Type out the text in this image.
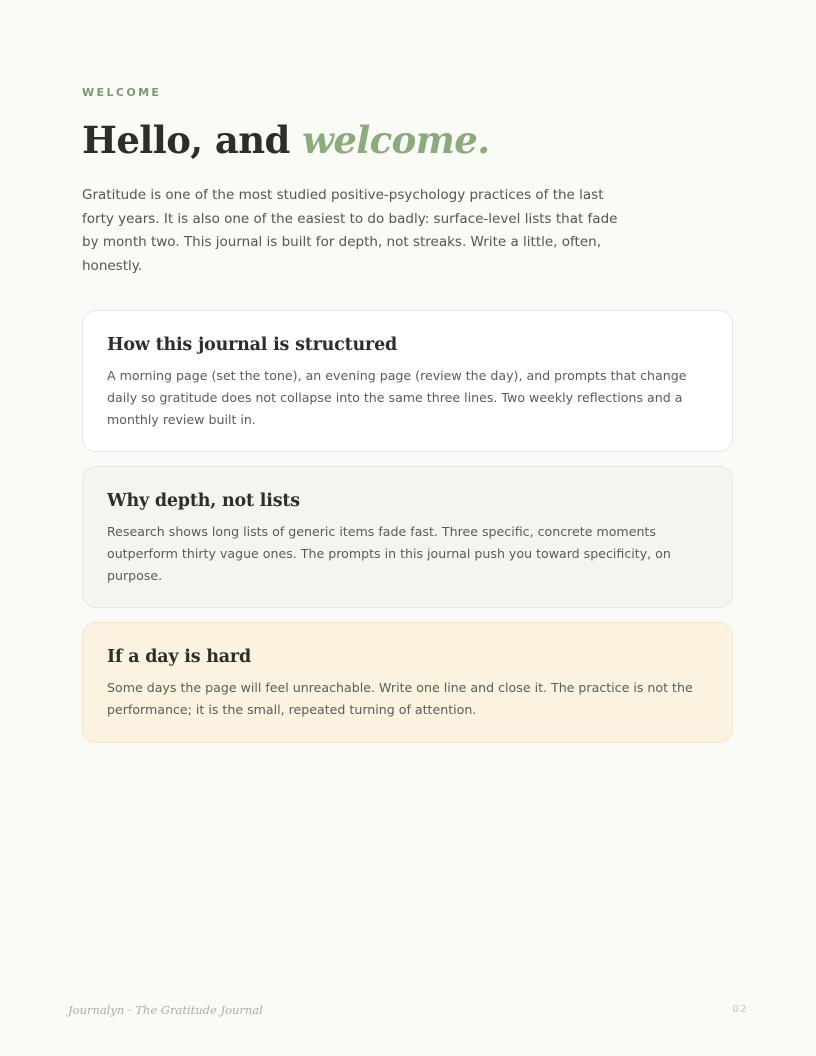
WELCOME
Hello, and welcome.

Gratitude is one of the most studied positive-psychology practices of the last forty years. It is also one of the easiest to do badly: surface-level lists that fade by month two. This journal is built for depth, not streaks. Write a little, often, honestly.

How this journal is structured

A morning page (set the tone), an evening page (review the day), and prompts that change daily so gratitude does not collapse into the same three lines. Two weekly reflections and a monthly review built in.

Why depth, not lists

Research shows long lists of generic items fade fast. Three specific, concrete moments outperform thirty vague ones. The prompts in this journal push you toward specificity, on purpose.

If a day is hard

Some days the page will feel unreachable. Write one line and close it. The practice is not the performance; it is the small, repeated turning of attention.

Journalyn · The Gratitude Journal	02
